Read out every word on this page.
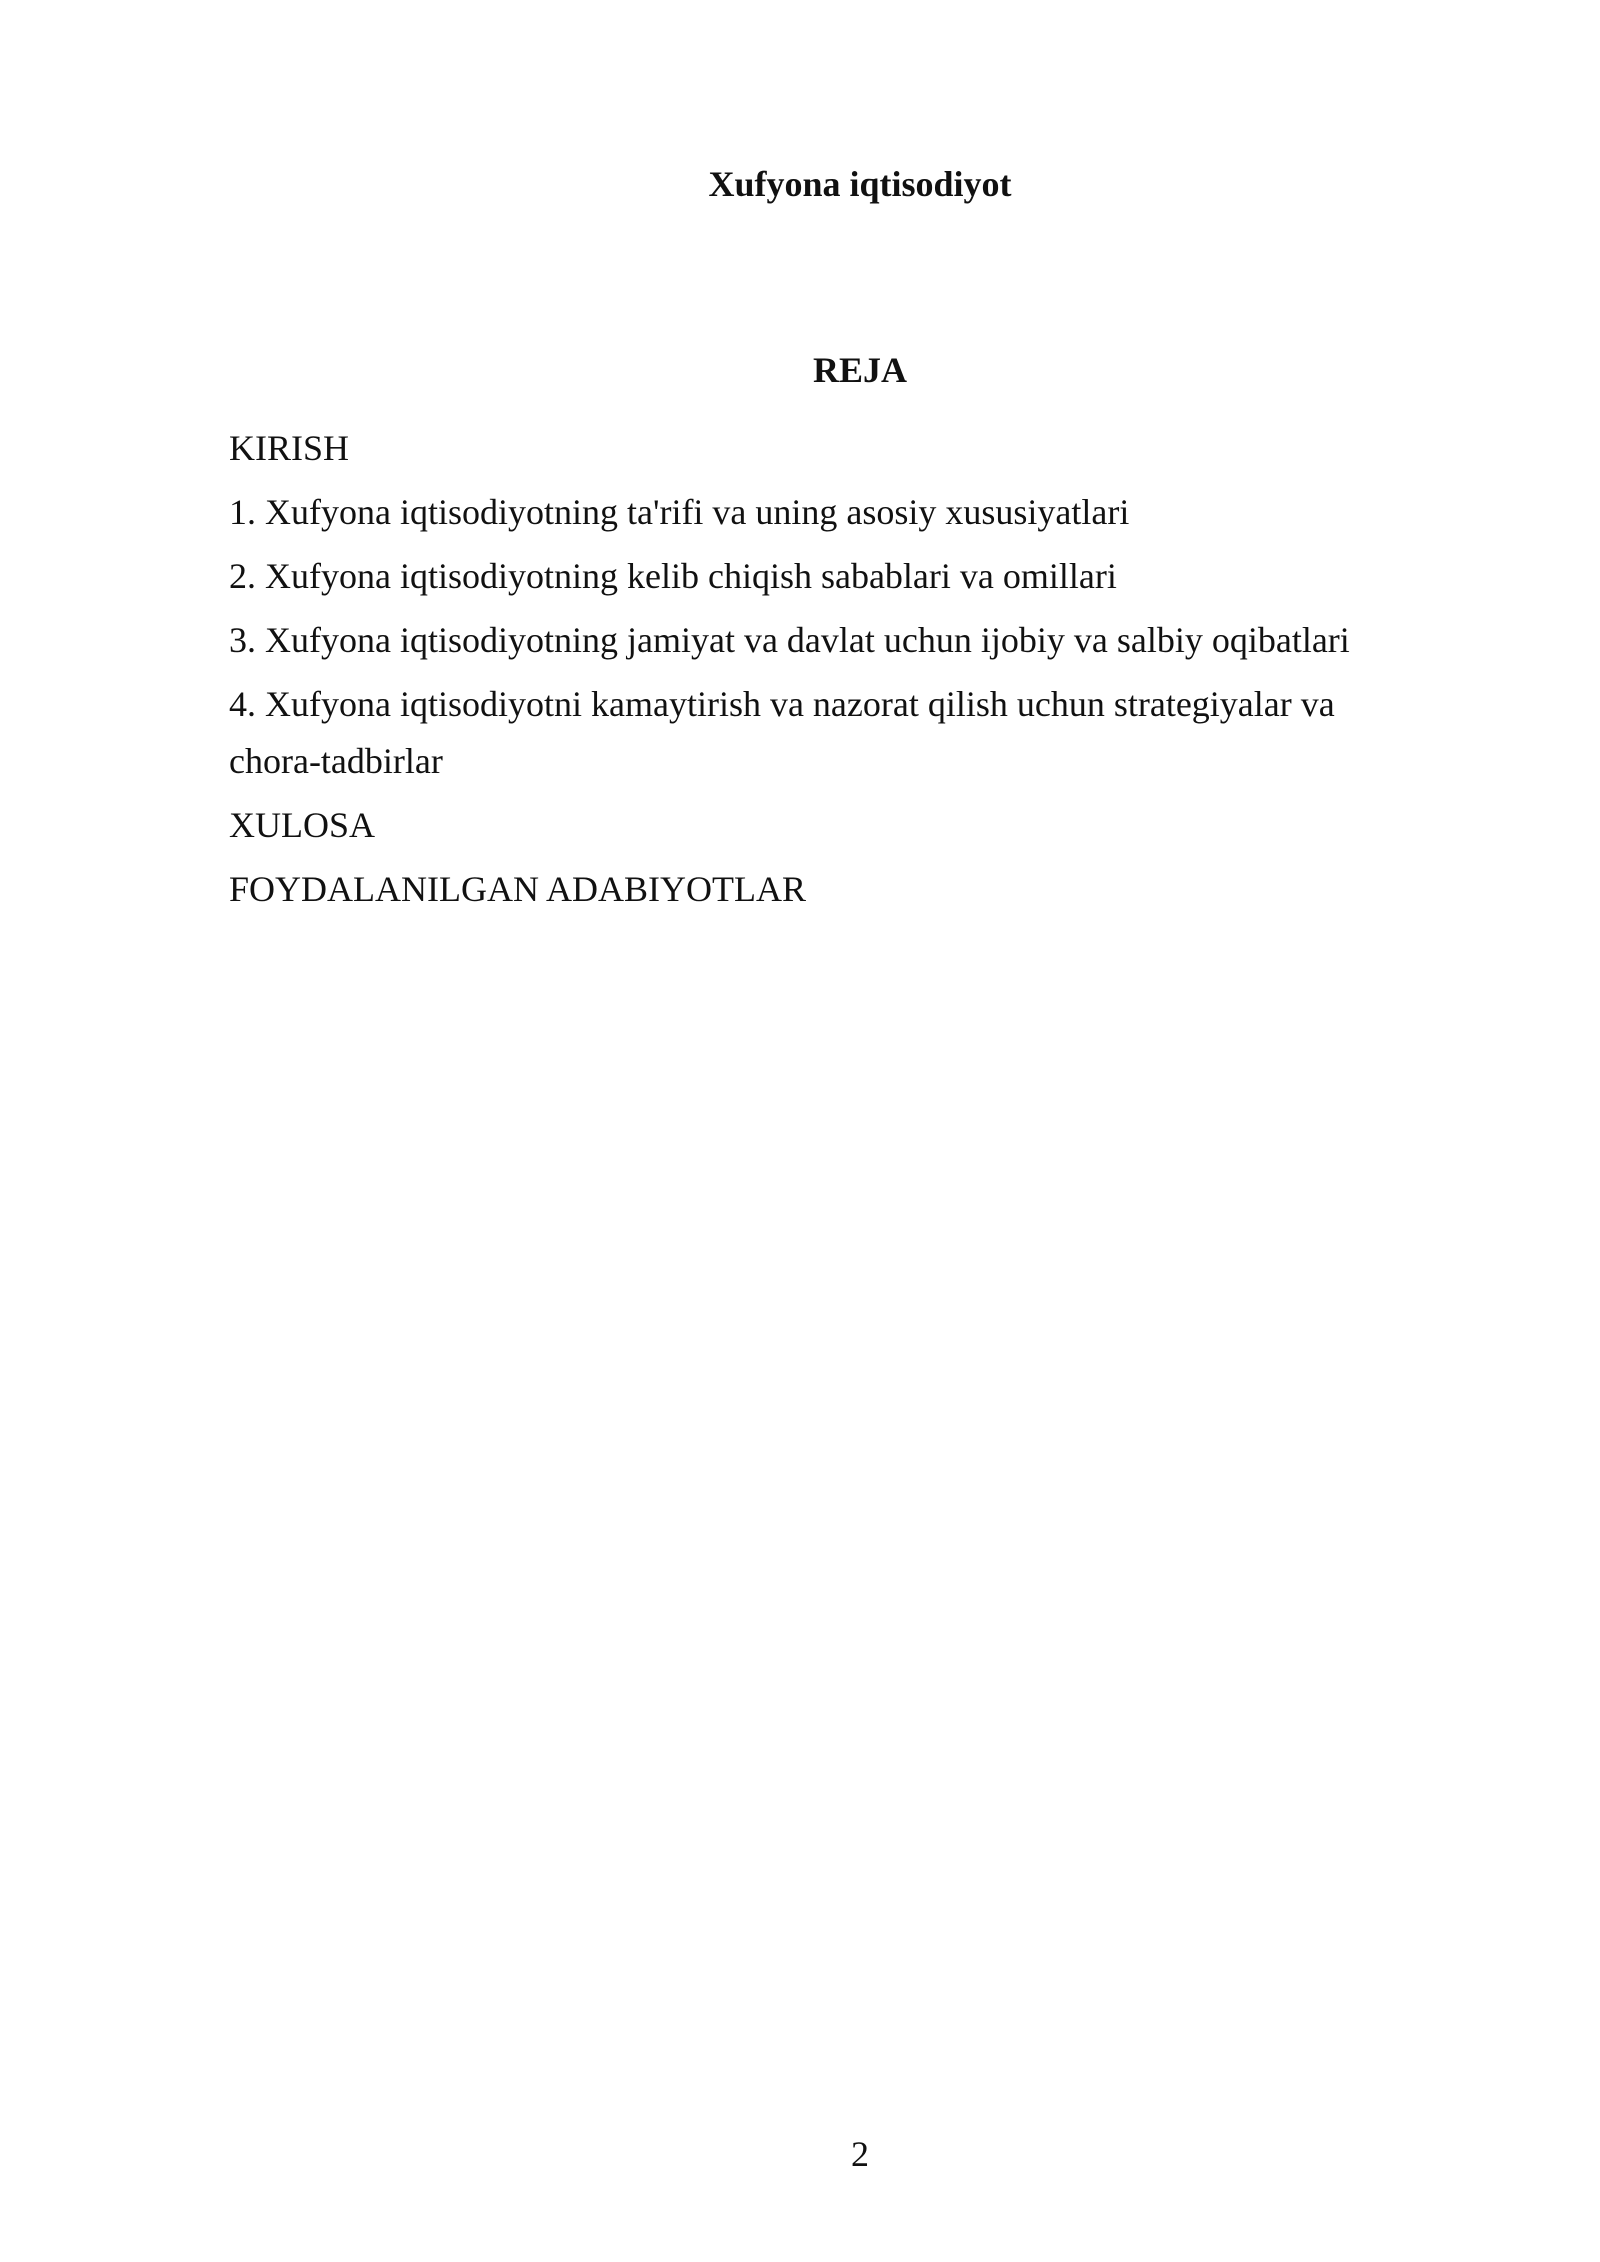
Xufyona iqtisodiyot
REJA
KIRISH
1. Xufyona iqtisodiyotning ta'rifi va uning asosiy xususiyatlari
2. Xufyona iqtisodiyotning kelib chiqish sabablari va omillari
3. Xufyona iqtisodiyotning jamiyat va davlat uchun ijobiy va salbiy oqibatlari
4. Xufyona iqtisodiyotni kamaytirish va nazorat qilish uchun strategiyalar va chora-tadbirlar
XULOSA
FOYDALANILGAN ADABIYOTLAR
2
